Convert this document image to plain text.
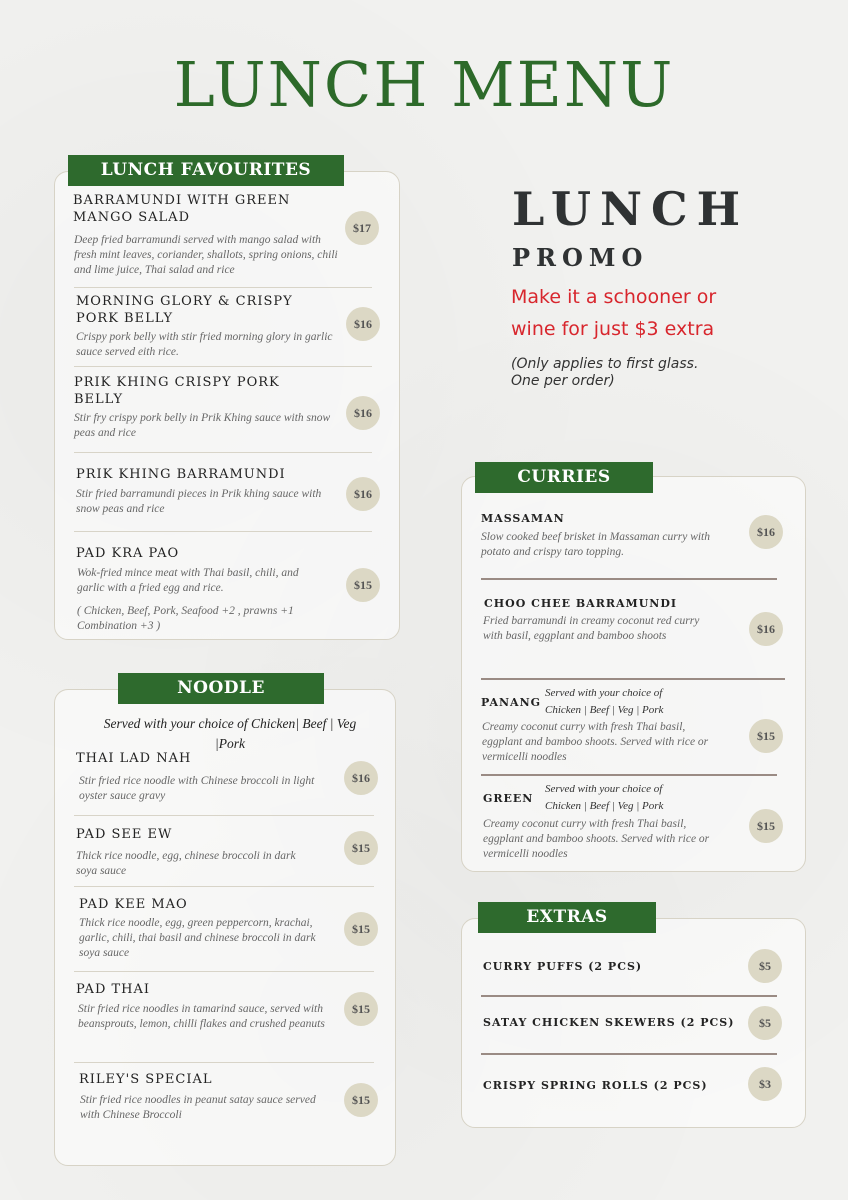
LUNCH MENU
LUNCH FAVOURITES
BARRAMUNDI WITH GREEN MANGO SALAD
Deep fried barramundi served with mango salad with fresh mint leaves, coriander, shallots, spring onions, chili and lime juice, Thai salad and rice
$17
MORNING GLORY & CRISPY PORK BELLY
Crispy pork belly with stir fried morning glory in garlic sauce served eith rice.
$16
PRIK KHING CRISPY PORK BELLY
Stir fry crispy pork belly in Prik Khing sauce with snow peas and rice
$16
PRIK KHING BARRAMUNDI
Stir fried barramundi pieces in Prik khing sauce with snow peas and rice
$16
PAD KRA PAO
Wok-fried mince meat with Thai basil, chili, and garlic with a fried egg and rice.
( Chicken, Beef, Pork, Seafood +2 , prawns +1 Combination +3 )
$15
NOODLE
Served with your choice of Chicken| Beef | Veg |Pork
THAI LAD NAH
Stir fried rice noodle with Chinese broccoli in light oyster sauce gravy
$16
PAD SEE EW
Thick rice noodle, egg, chinese broccoli in dark soya sauce
$15
PAD KEE MAO
Thick rice noodle, egg, green peppercorn, krachai, garlic, chili, thai basil and chinese broccoli in dark soya sauce
$15
PAD THAI
Stir fried rice noodles in tamarind sauce, served with beansprouts, lemon, chilli flakes and crushed peanuts
$15
RILEY'S SPECIAL
Stir fried rice noodles in peanut satay sauce served with Chinese Broccoli
$15
LUNCH
PROMO
Make it a schooner or
wine for just $3 extra
(Only applies to first glass.
One per order)
CURRIES
MASSAMAN
Slow cooked beef brisket in Massaman curry with potato and crispy taro topping.
$16
CHOO CHEE BARRAMUNDI
Fried barramundi in creamy coconut red curry with basil, eggplant and bamboo shoots	$16
PANANG
Served with your choice of
Chicken | Beef | Veg | Pork
Creamy coconut curry with fresh Thai basil, eggplant and bamboo shoots. Served with rice or vermicelli noodles
$15
GREEN
Served with your choice of
Chicken | Beef | Veg | Pork
Creamy coconut curry with fresh Thai basil, eggplant and bamboo shoots. Served with rice or vermicelli noodles
$15
EXTRAS
CURRY PUFFS (2 PCS)	$5
SATAY CHICKEN SKEWERS (2 PCS)	$5
CRISPY SPRING ROLLS (2 PCS)	$3
